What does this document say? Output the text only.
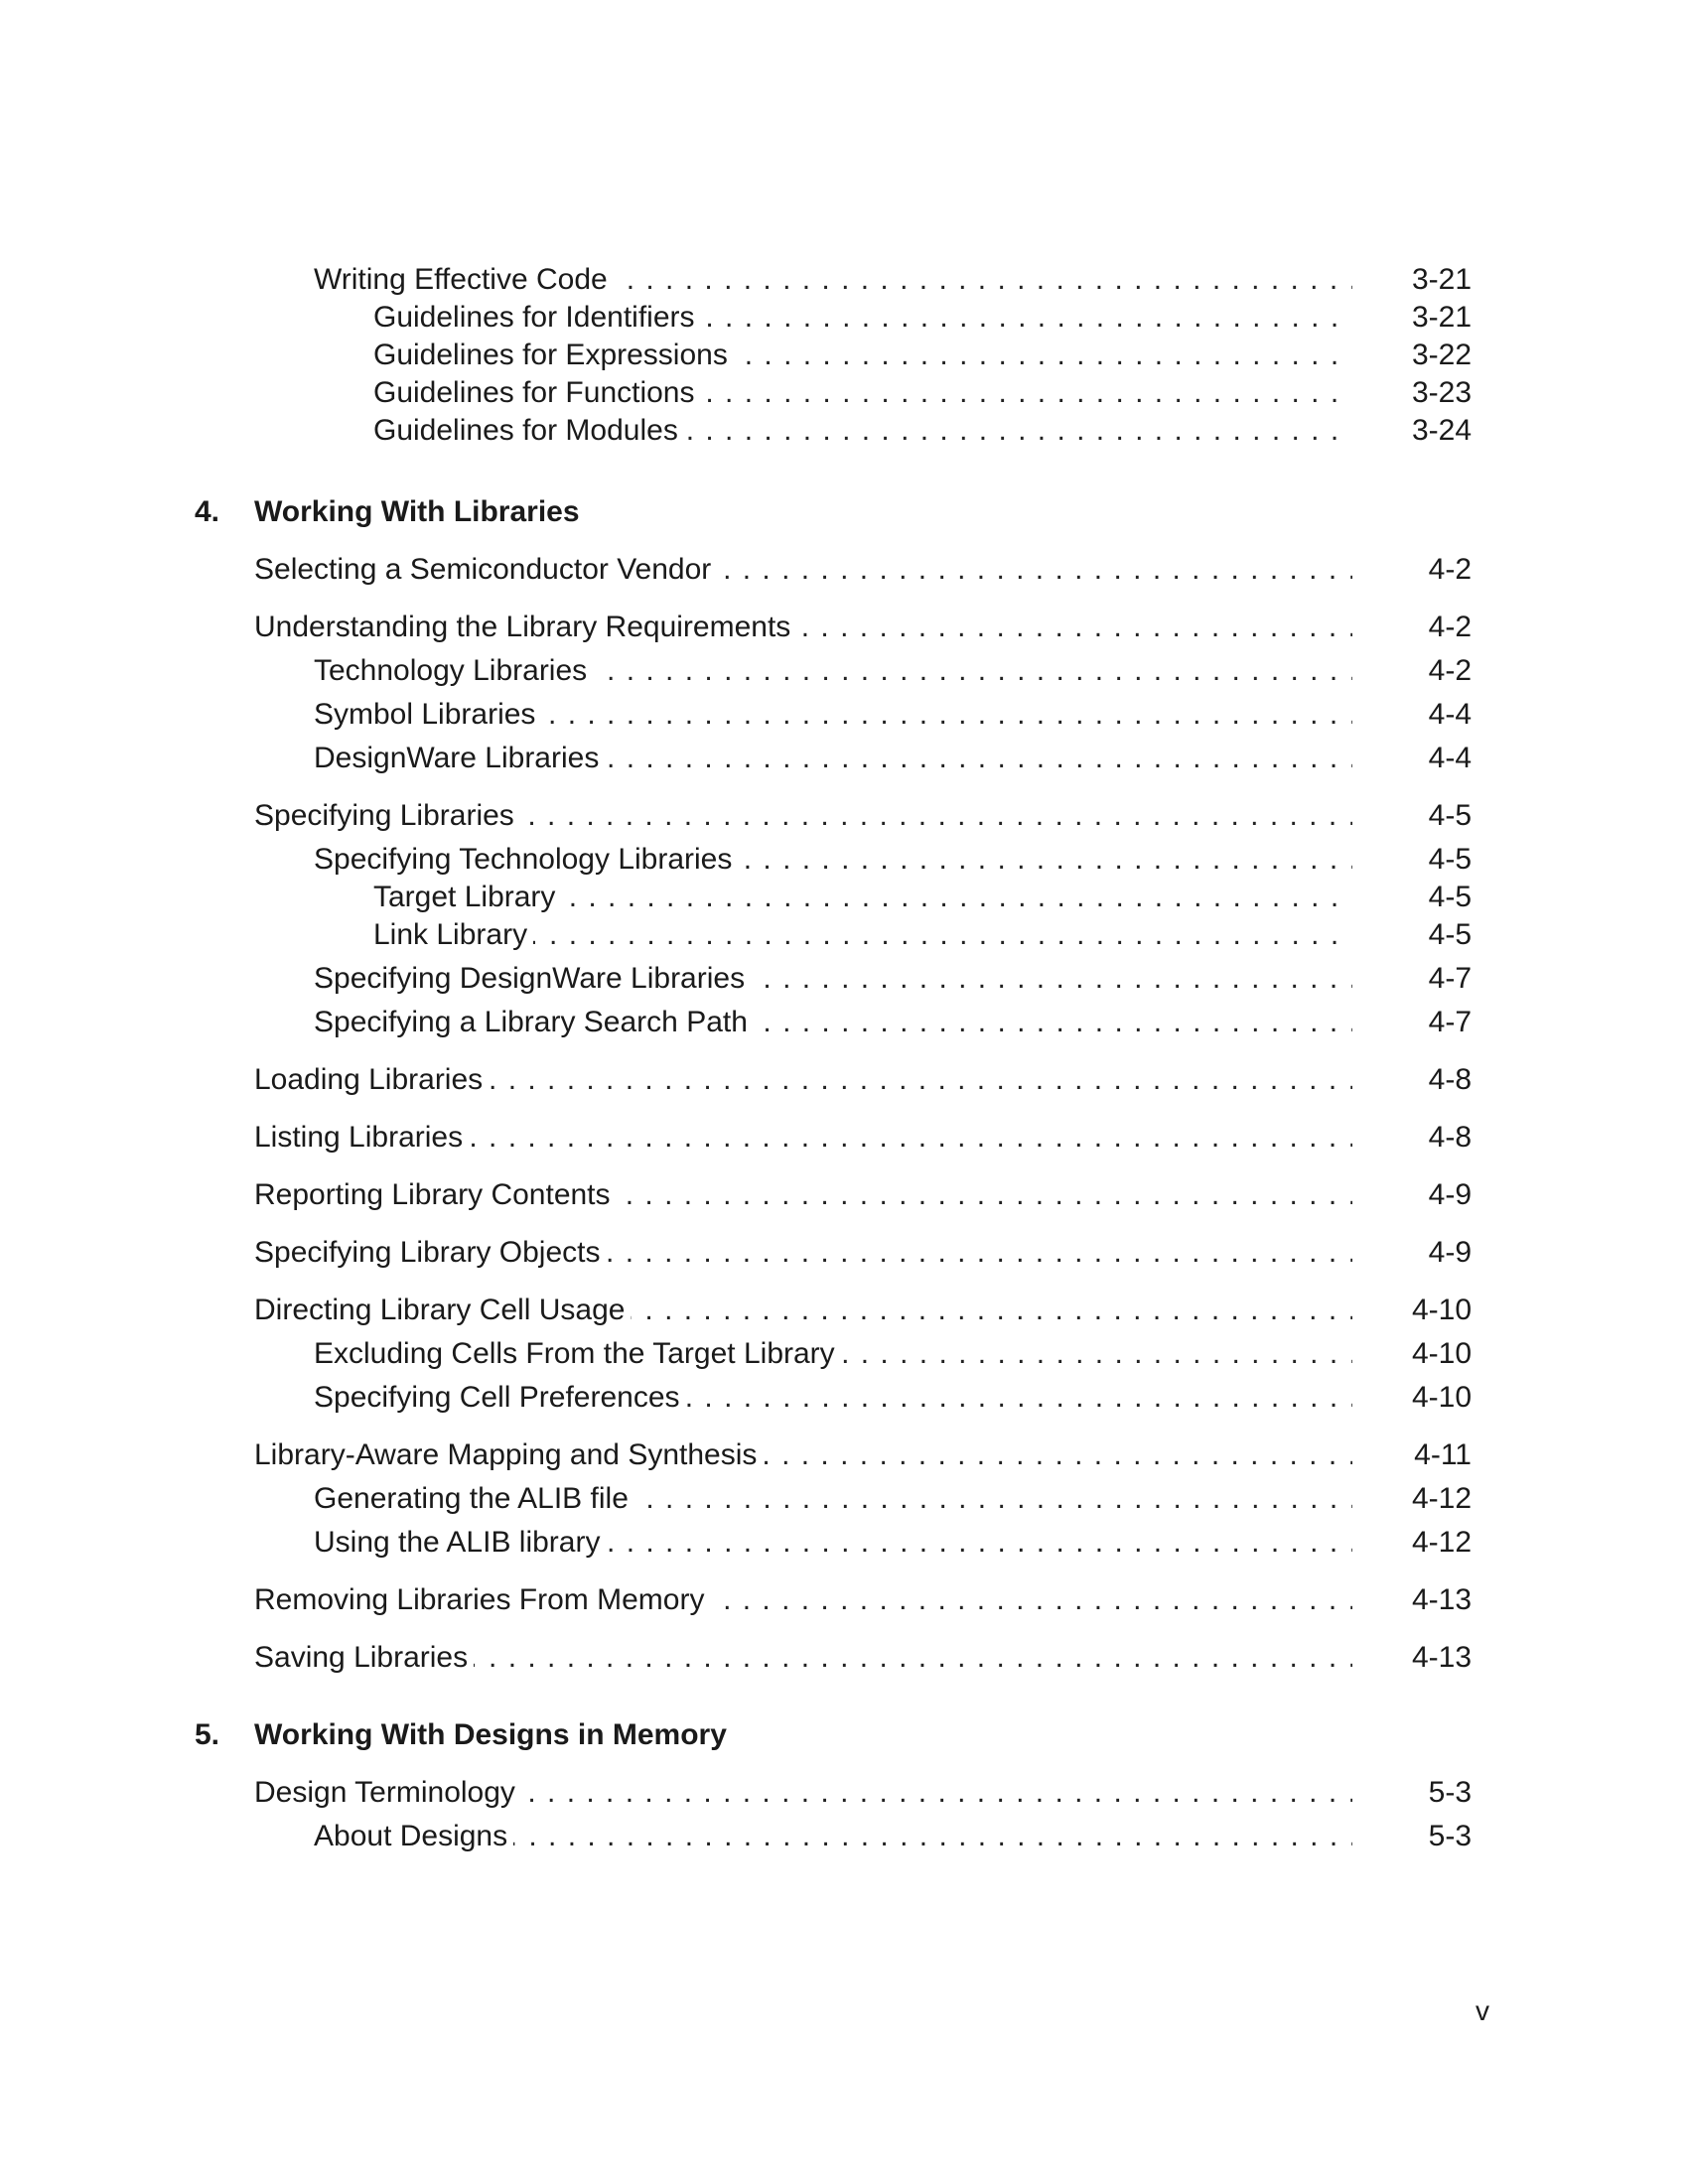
. . .
Writing Effective Code	3-21
. . .
Guidelines for Identifiers	3-21
. . .
Guidelines for Expressions	3-22
. . .
Guidelines for Functions	3-23
. . .
Guidelines for Modules	3-24
4. Working With Libraries
. . .
Selecting a Semiconductor Vendor	4-2
. . .
Understanding the Library Requirements	4-2
. . .
Technology Libraries	4-2
. . .
Symbol Libraries	4-4
. . .
DesignWare Libraries	4-4
. . .
Specifying Libraries	4-5
. . .
Specifying Technology Libraries	4-5
. . .
Target Library	4-5
. . .
Link Library	4-5
. . .
Specifying DesignWare Libraries	4-7
. . .
Specifying a Library Search Path	4-7
. . .
Loading Libraries	4-8
. . .
Listing Libraries	4-8
. . .
Reporting Library Contents	4-9
. . .
Specifying Library Objects	4-9
. . .
Directing Library Cell Usage	4-10
. . .
Excluding Cells From the Target Library	4-10
. . .
Specifying Cell Preferences	4-10
. . .
Library-Aware Mapping and Synthesis	4-11
. . .
Generating the ALIB file	4-12
. . .
Using the ALIB library	4-12
. . .
Removing Libraries From Memory	4-13
. . .
Saving Libraries	4-13
5. Working With Designs in Memory
. . .
Design Terminology	5-3
. . .
About Designs	5-3
v
